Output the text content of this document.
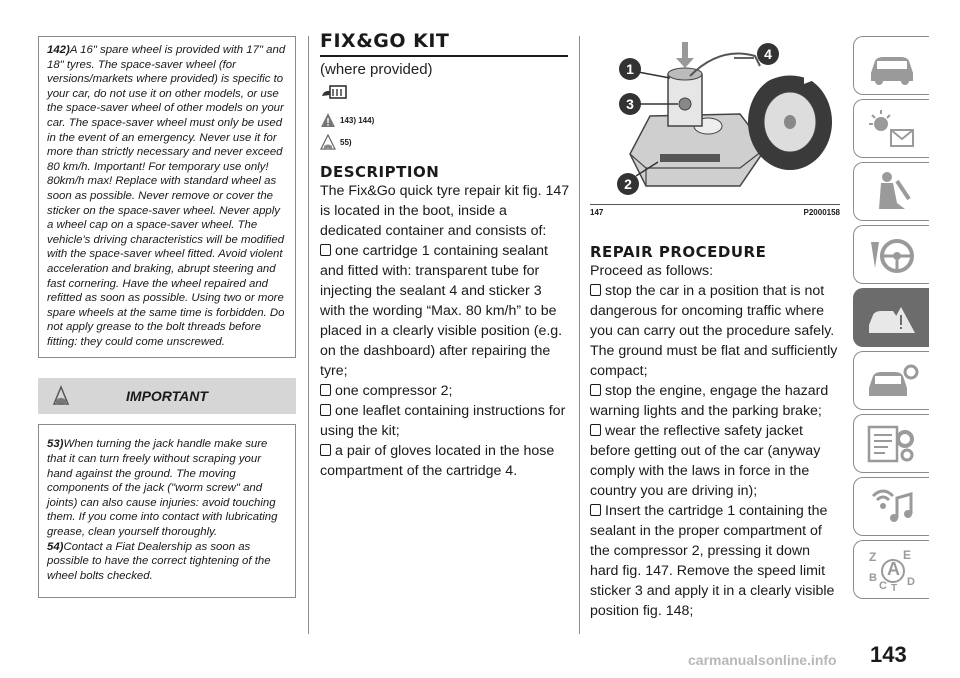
142)A 16" spare wheel is provided with 17" and 18" tyres. The space-saver wheel (for versions/markets where provided) is specific to your car, do not use it on other models, or use the space-saver wheel of other models on your car. The space-saver wheel must only be used in the event of an emergency. Never use it for more than strictly necessary and never exceed 80 km/h. Important! For temporary use only! 80km/h max! Replace with standard wheel as soon as possible. Never remove or cover the sticker on the space-saver wheel. Never apply a wheel cap on a space-saver wheel. The vehicle's driving characteristics will be modified with the space-saver wheel fitted. Avoid violent acceleration and braking, abrupt steering and fast cornering. Have the wheel repaired and refitted as soon as possible. Using two or more spare wheels at the same time is forbidden. Do not apply grease to the bolt threads before fitting: they could come unscrewed.

IMPORTANT

53)When turning the jack handle make sure that it can turn freely without scraping your hand against the ground. The moving components of the jack ("worm screw" and joints) can also cause injuries: avoid touching them. If you come into contact with lubricating grease, clean yourself thoroughly.

54)Contact a Fiat Dealership as soon as possible to have the correct tightening of the wheel bolts checked.

FIX&GO KIT
(where provided)
143) 144)
55)
DESCRIPTION
The Fix&Go quick tyre repair kit fig. 147 is located in the boot, inside a dedicated container and consists of:
one cartridge 1 containing sealant and fitted with: transparent tube for injecting the sealant 4 and sticker 3 with the wording “Max. 80 km/h” to be placed in a clearly visible position (e.g. on the dashboard) after repairing the tyre;
one compressor 2;
one leaflet containing instructions for using the kit;
a pair of gloves located in the hose compartment of the cartridge 4.
1
3
2
4
147	P2000158
REPAIR PROCEDURE
Proceed as follows:
stop the car in a position that is not dangerous for oncoming traffic where you can carry out the procedure safely. The ground must be flat and sufficiently compact;
stop the engine, engage the hazard warning lights and the parking brake;
wear the reflective safety jacket before getting out of the car (anyway comply with the laws in force in the country you are driving in);
Insert the cartridge 1 containing the sealant in the proper compartment of the compressor 2, pressing it down hard fig. 147. Remove the speed limit sticker 3 and apply it in a clearly visible position fig. 148;
Z E
A
B
C D
T
143
carmanualsonline.info
